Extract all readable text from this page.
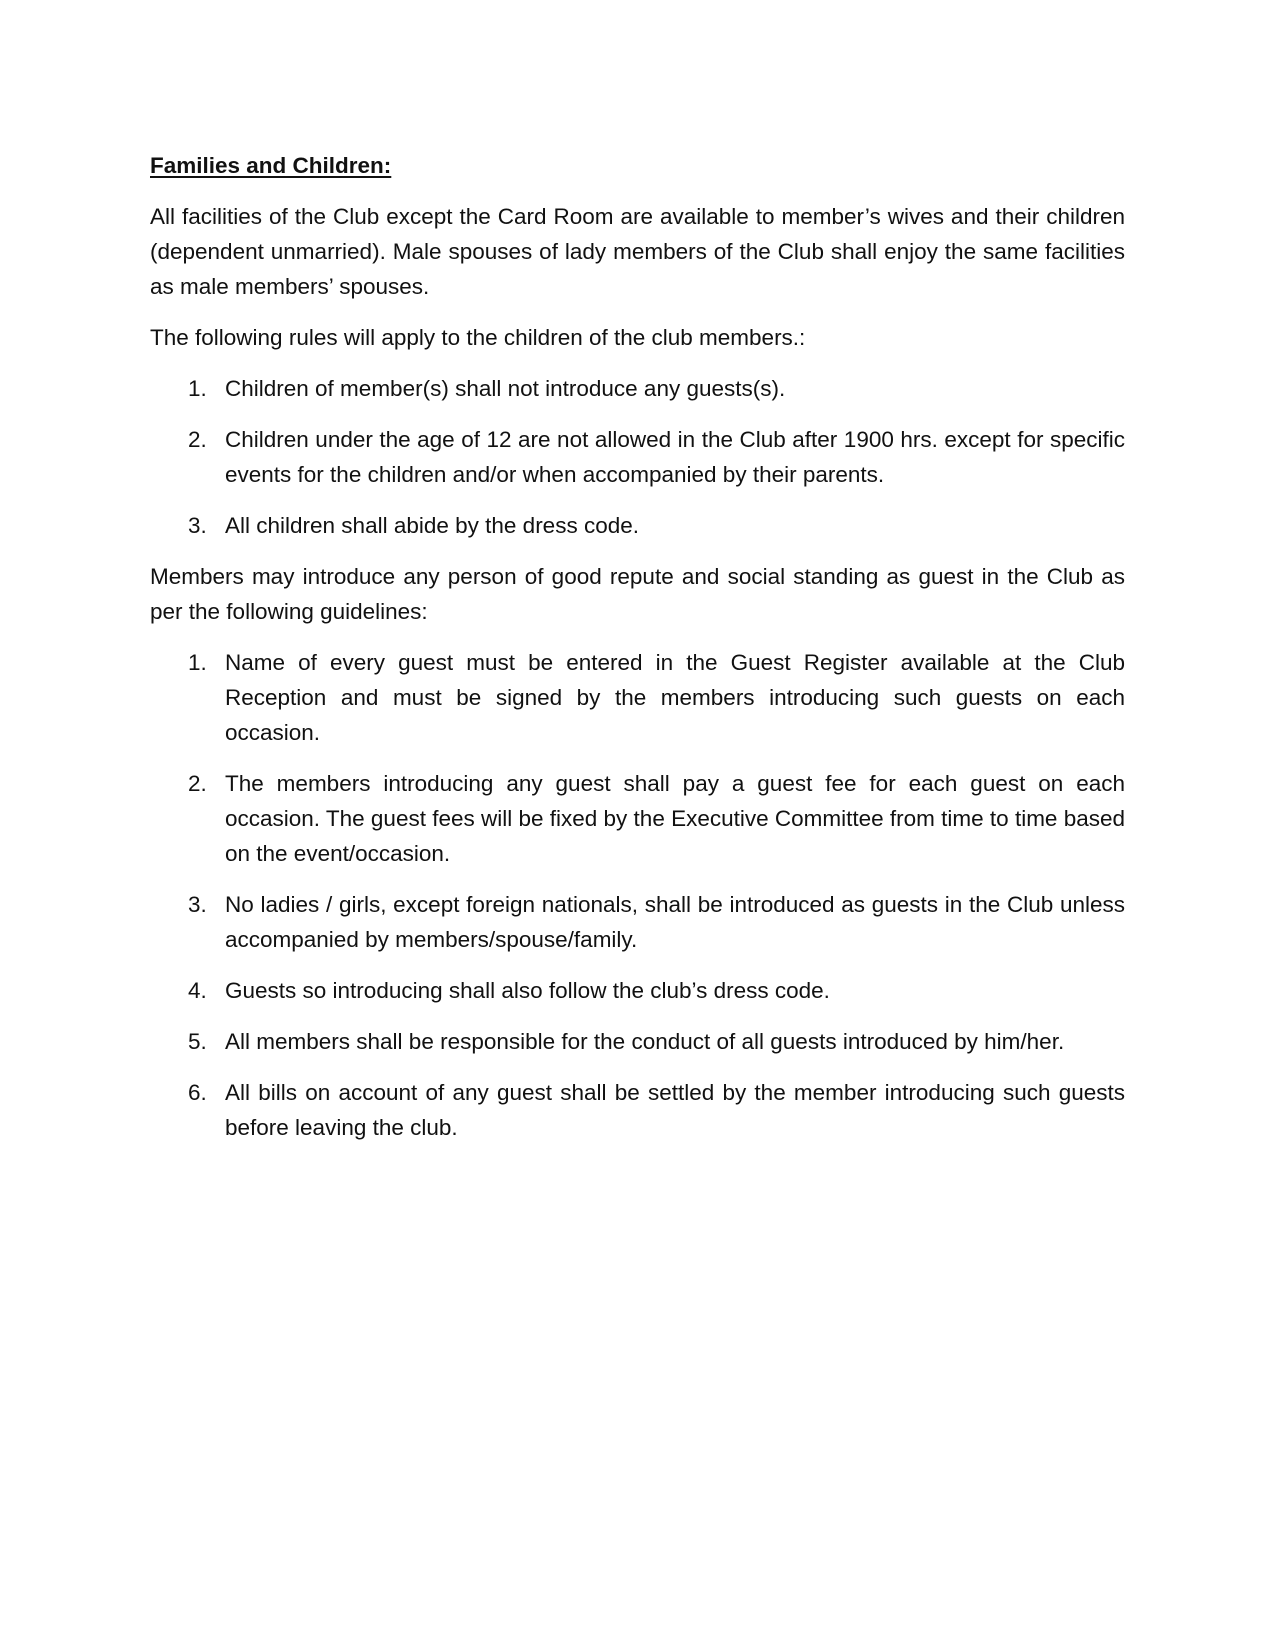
Families and Children:

All facilities of the Club except the Card Room are available to member’s wives and their children (dependent unmarried). Male spouses of lady members of the Club shall enjoy the same facilities as male members’ spouses.

The following rules will apply to the children of the club members.:

1. Children of member(s) shall not introduce any guests(s).
2. Children under the age of 12 are not allowed in the Club after 1900 hrs. except for specific events for the children and/or when accompanied by their parents.
3. All children shall abide by the dress code.

Members may introduce any person of good repute and social standing as guest in the Club as per the following guidelines:

1. Name of every guest must be entered in the Guest Register available at the Club Reception and must be signed by the members introducing such guests on each occasion.
2. The members introducing any guest shall pay a guest fee for each guest on each occasion. The guest fees will be fixed by the Executive Committee from time to time based on the event/occasion.
3. No ladies / girls, except foreign nationals, shall be introduced as guests in the Club unless accompanied by members/spouse/family.
4. Guests so introducing shall also follow the club’s dress code.
5. All members shall be responsible for the conduct of all guests introduced by him/her.
6. All bills on account of any guest shall be settled by the member introducing such guests before leaving the club.
